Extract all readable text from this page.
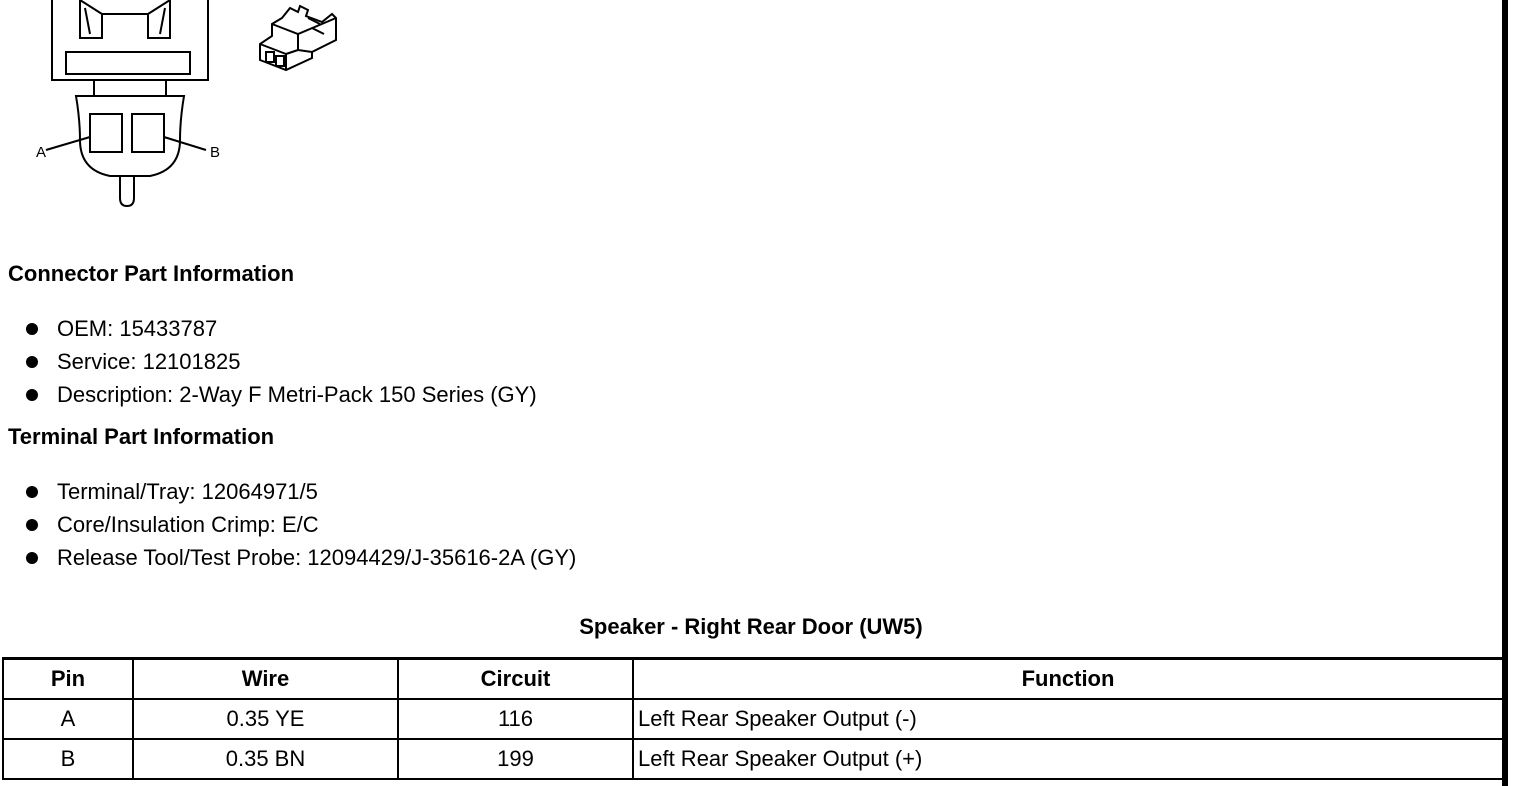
A	B
Connector Part Information
OEM: 15433787
Service: 12101825
Description: 2-Way F Metri-Pack 150 Series (GY)
Terminal Part Information
Terminal/Tray: 12064971/5
Core/Insulation Crimp: E/C
Release Tool/Test Probe: 12094429/J-35616-2A (GY)
Speaker - Right Rear Door (UW5)
Pin	Wire	Circuit	Function
A	0.35 YE	116	Left Rear Speaker Output (-)
B	0.35 BN	199	Left Rear Speaker Output (+)
